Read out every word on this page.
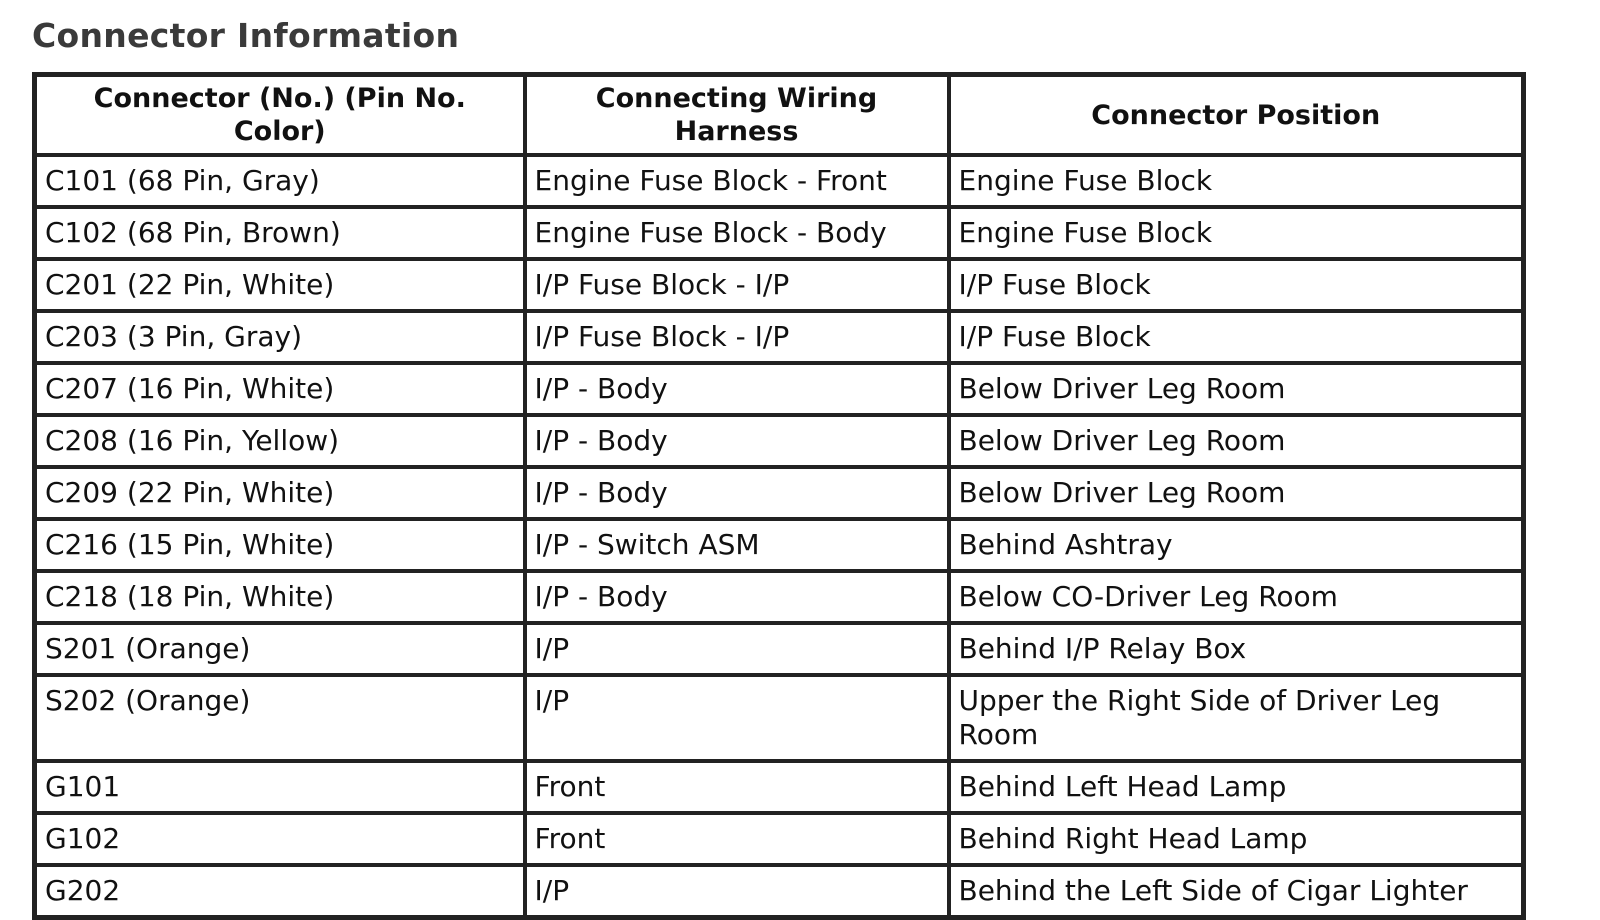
Connector Information
Connector (No.) (Pin No. Color)	Connecting Wiring Harness	Connector Position
C101 (68 Pin, Gray)	Engine Fuse Block - Front	Engine Fuse Block
C102 (68 Pin, Brown)	Engine Fuse Block - Body	Engine Fuse Block
C201 (22 Pin, White)	I/P Fuse Block - I/P	I/P Fuse Block
C203 (3 Pin, Gray)	I/P Fuse Block - I/P	I/P Fuse Block
C207 (16 Pin, White)	I/P - Body	Below Driver Leg Room
C208 (16 Pin, Yellow)	I/P - Body	Below Driver Leg Room
C209 (22 Pin, White)	I/P - Body	Below Driver Leg Room
C216 (15 Pin, White)	I/P - Switch ASM	Behind Ashtray
C218 (18 Pin, White)	I/P - Body	Below CO-Driver Leg Room
S201 (Orange)	I/P	Behind I/P Relay Box
S202 (Orange)	I/P	Upper the Right Side of Driver Leg Room
G101	Front	Behind Left Head Lamp
G102	Front	Behind Right Head Lamp
G202	I/P	Behind the Left Side of Cigar Lighter
